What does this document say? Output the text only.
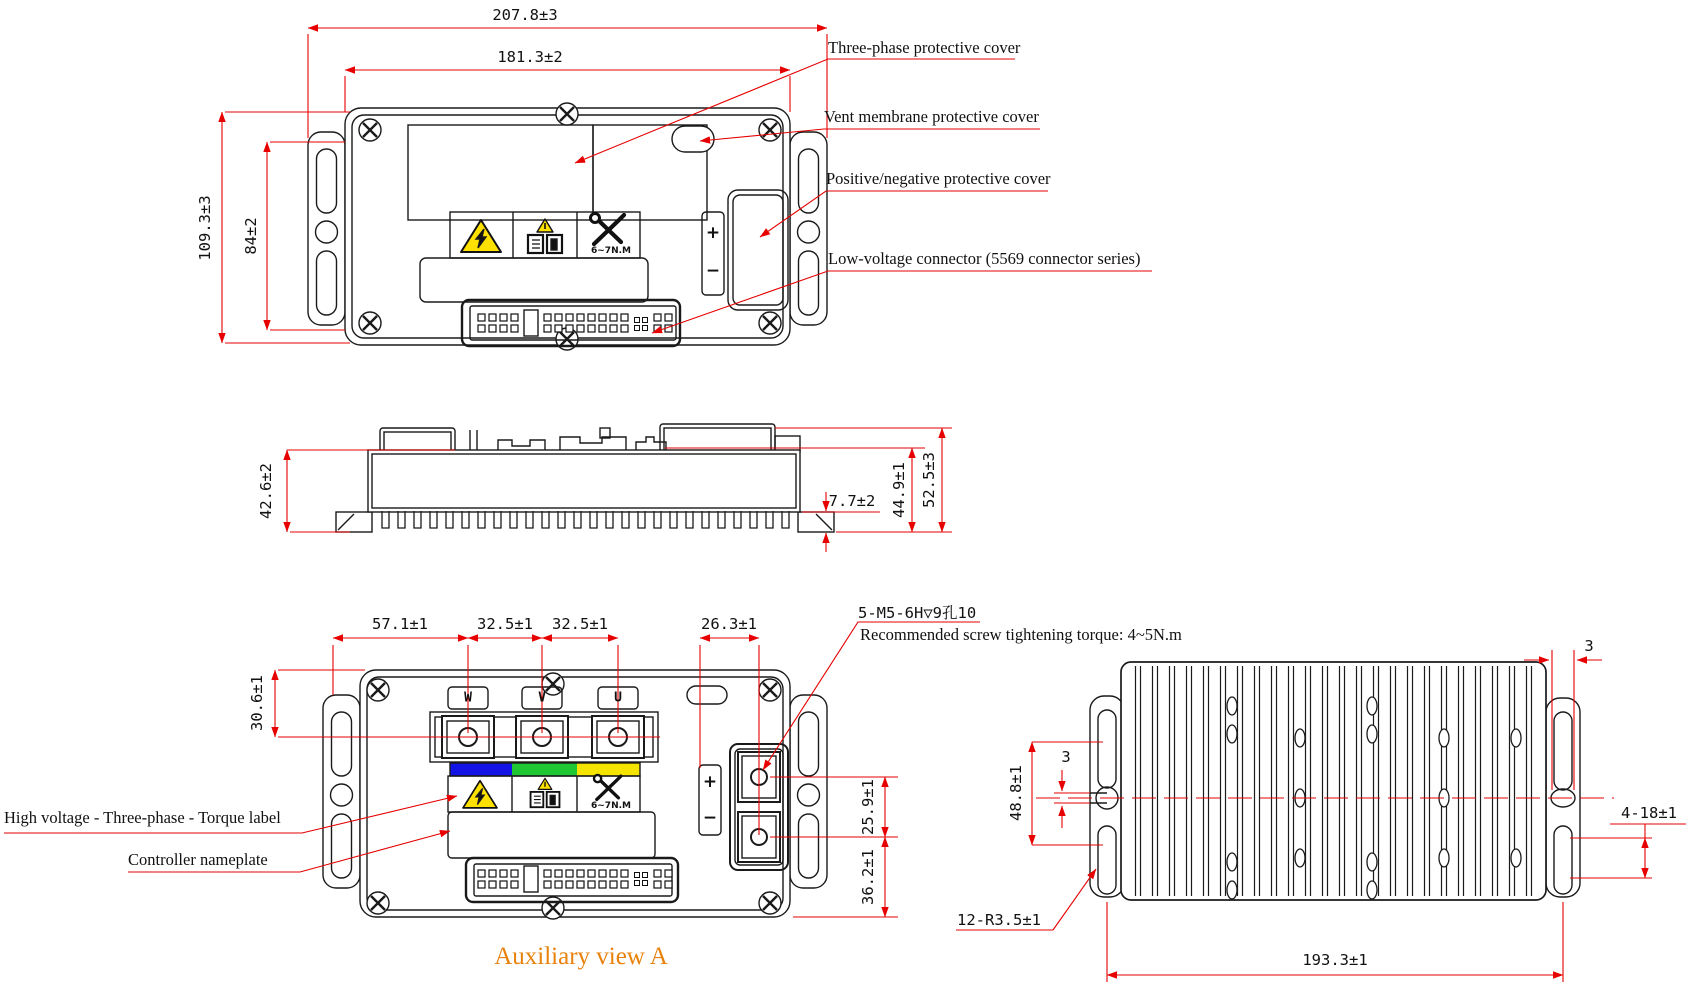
207.8±3
181.3±2
109.3±3 84±2
Three-phase protective cover
Vent membrane protective cover
Positive/negative protective cover
Low-voltage connector (5569 connector series)
42.6±2	7.7±2 44.9±1 52.5±3
57.1±1	32.5±1 32.5±1	26.3±1
30.6±1
25.9±1
36.2±1
5-M5-6H▽9孔10
Recommended screw tightening torque: 4~5N.m
W	V	U
High voltage - Three-phase - Torque label
Controller nameplate
Auxiliary view A
3
48.8±1
3
4-18±1
12-R3.5±1
193.3±1
6~7N.M
6~7N.M
+
−
+
−
